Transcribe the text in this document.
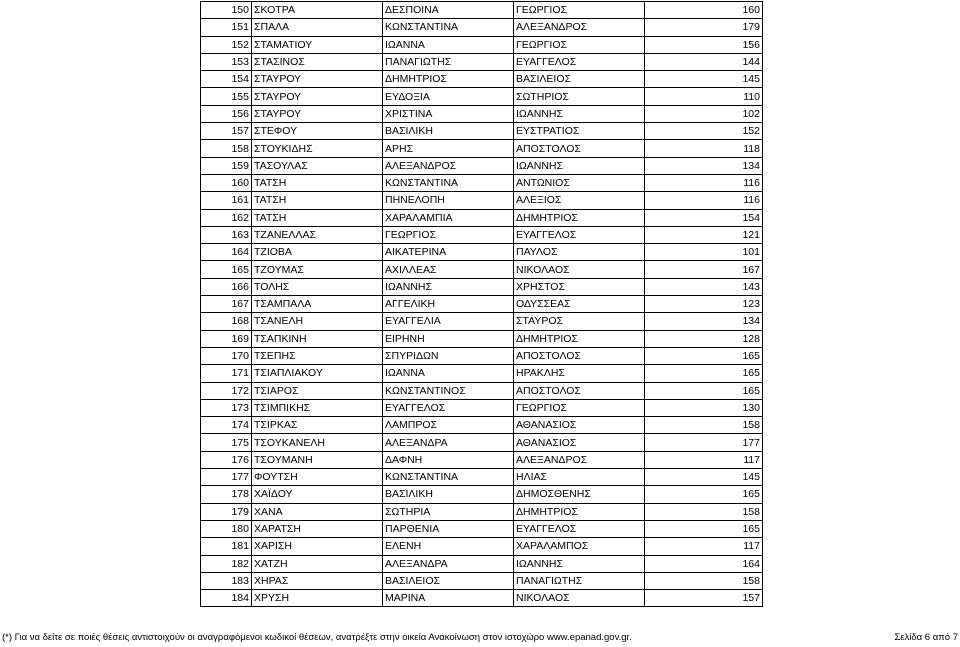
150	ΣΚΟΤΡΑ	ΔΕΣΠΟΙΝΑ	ΓΕΩΡΓΙΟΣ	160
151	ΣΠΑΛΑ	ΚΩΝΣΤΑΝΤΙΝΑ	ΑΛΕΞΑΝΔΡΟΣ	179
152	ΣΤΑΜΑΤΙΟΥ	ΙΩΑΝΝΑ	ΓΕΩΡΓΙΟΣ	156
153	ΣΤΑΣΙΝΟΣ	ΠΑΝΑΓΙΩΤΗΣ	ΕΥΑΓΓΕΛΟΣ	144
154	ΣΤΑΥΡΟΥ	ΔΗΜΗΤΡΙΟΣ	ΒΑΣΙΛΕΙΟΣ	145
155	ΣΤΑΥΡΟΥ	ΕΥΔΟΞΙΑ	ΣΩΤΗΡΙΟΣ	110
156	ΣΤΑΥΡΟΥ	ΧΡΙΣΤΙΝΑ	ΙΩΑΝΝΗΣ	102
157	ΣΤΕΦΟΥ	ΒΑΣΙΛΙΚΗ	ΕΥΣΤΡΑΤΙΟΣ	152
158	ΣΤΟΥΚΙΔΗΣ	ΑΡΗΣ	ΑΠΟΣΤΟΛΟΣ	118
159	ΤΑΣΟΥΛΑΣ	ΑΛΕΞΑΝΔΡΟΣ	ΙΩΑΝΝΗΣ	134
160	ΤΑΤΣΗ	ΚΩΝΣΤΑΝΤΙΝΑ	ΑΝΤΩΝΙΟΣ	116
161	ΤΑΤΣΗ	ΠΗΝΕΛΟΠΗ	ΑΛΕΞΙΟΣ	116
162	ΤΑΤΣΗ	ΧΑΡΑΛΑΜΠΙΑ	ΔΗΜΗΤΡΙΟΣ	154
163	ΤΖΑΝΕΛΛΑΣ	ΓΕΩΡΓΙΟΣ	ΕΥΑΓΓΕΛΟΣ	121
164	ΤΖΙΟΒΑ	ΑΙΚΑΤΕΡΙΝΑ	ΠΑΥΛΟΣ	101
165	ΤΖΟΥΜΑΣ	ΑΧΙΛΛΕΑΣ	ΝΙΚΟΛΑΟΣ	167
166	ΤΟΛΗΣ	ΙΩΑΝΝΗΣ	ΧΡΗΣΤΟΣ	143
167	ΤΣΑΜΠΑΛΑ	ΑΓΓΕΛΙΚΗ	ΟΔΥΣΣΕΑΣ	123
168	ΤΣΑΝΕΛΗ	ΕΥΑΓΓΕΛΙΑ	ΣΤΑΥΡΟΣ	134
169	ΤΣΑΠΚΙΝΗ	ΕΙΡΗΝΗ	ΔΗΜΗΤΡΙΟΣ	128
170	ΤΣΕΠΗΣ	ΣΠΥΡΙΔΩΝ	ΑΠΟΣΤΟΛΟΣ	165
171	ΤΣΙΑΠΛΙΑΚΟΥ	ΙΩΑΝΝΑ	ΗΡΑΚΛΗΣ	165
172	ΤΣΙΑΡΟΣ	ΚΩΝΣΤΑΝΤΙΝΟΣ	ΑΠΟΣΤΟΛΟΣ	165
173	ΤΣΙΜΠΙΚΗΣ	ΕΥΑΓΓΕΛΟΣ	ΓΕΩΡΓΙΟΣ	130
174	ΤΣΙΡΚΑΣ	ΛΑΜΠΡΟΣ	ΑΘΑΝΑΣΙΟΣ	158
175	ΤΣΟΥΚΑΝΕΛΗ	ΑΛΕΞΑΝΔΡΑ	ΑΘΑΝΑΣΙΟΣ	177
176	ΤΣΟΥΜΑΝΗ	ΔΑΦΝΗ	ΑΛΕΞΑΝΔΡΟΣ	117
177	ΦΟΥΤΣΗ	ΚΩΝΣΤΑΝΤΙΝΑ	ΗΛΙΑΣ	145
178	ΧΑΪΔΟΥ	ΒΑΣΙΛΙΚΗ	ΔΗΜΟΣΘΕΝΗΣ	165
179	ΧΑΝΑ	ΣΩΤΗΡΙΑ	ΔΗΜΗΤΡΙΟΣ	158
180	ΧΑΡΑΤΣΗ	ΠΑΡΘΕΝΙΑ	ΕΥΑΓΓΕΛΟΣ	165
181	ΧΑΡΙΣΗ	ΕΛΕΝΗ	ΧΑΡΑΛΑΜΠΟΣ	117
182	ΧΑΤΖΗ	ΑΛΕΞΑΝΔΡΑ	ΙΩΑΝΝΗΣ	164
183	ΧΗΡΑΣ	ΒΑΣΙΛΕΙΟΣ	ΠΑΝΑΓΙΩΤΗΣ	158
184	ΧΡΥΣΗ	ΜΑΡΙΝΑ	ΝΙΚΟΛΑΟΣ	157
(*) Για να δείτε σε ποιές θέσεις αντιστοιχούν οι αναγραφόμενοι κωδικοί θέσεων, ανατρέξτε στην οικεία Ανακοίνωση στον ιστοχώρο www.epanad.gov.gr.	Σελίδα 6 από 7
